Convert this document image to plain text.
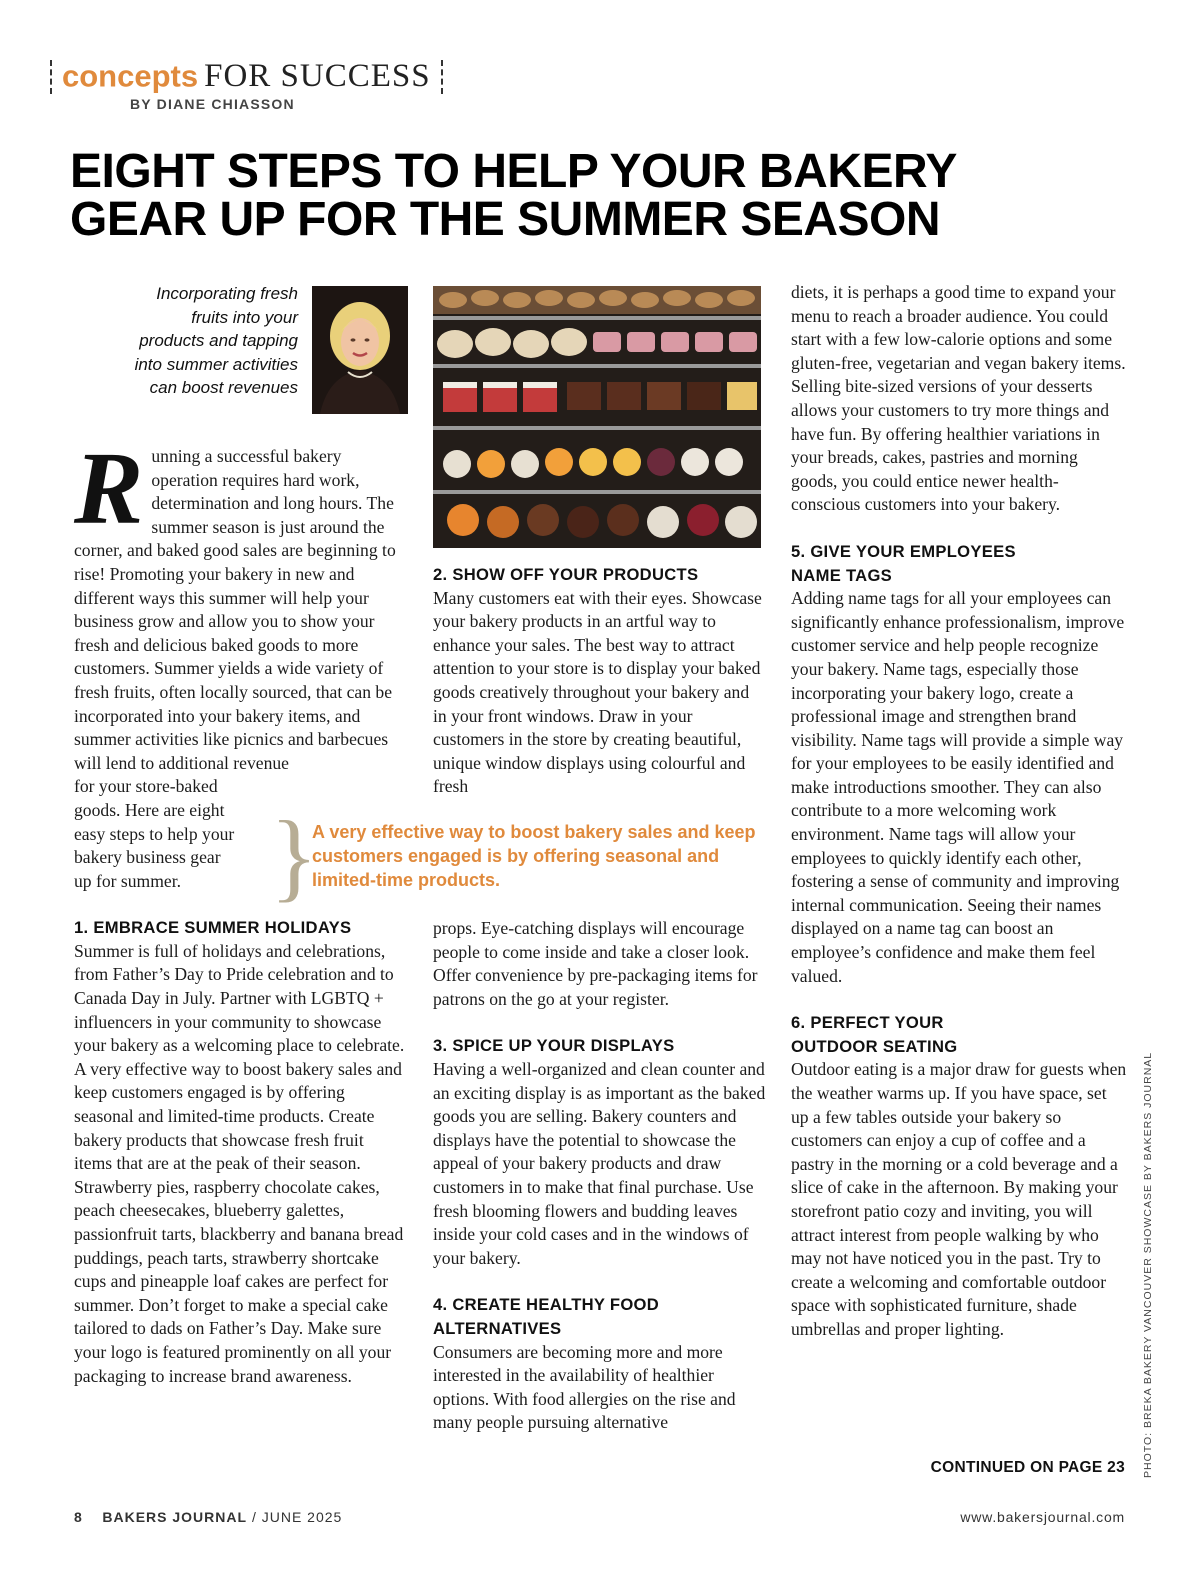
concepts FOR SUCCESS
BY DIANE CHIASSON
EIGHT STEPS TO HELP YOUR BAKERY
GEAR UP FOR THE SUMMER SEASON
Incorporating fresh
fruits into your
products and tapping
into summer activities
can boost revenues
Running a successful bakery operation requires hard work, determination and long hours. The summer season is just around the corner, and baked good sales are beginning to rise! Promoting your bakery in new and different ways this summer will help your business grow and allow you to show your fresh and delicious baked goods to more customers. Summer yields a wide variety of fresh fruits, often locally sourced, that can be incorporated into your bakery items, and summer activities like picnics and barbecues will lend to additional revenue
for your store-baked
goods. Here are eight
easy steps to help your
bakery business gear
up for summer.
1. EMBRACE SUMMER HOLIDAYS

Summer is full of holidays and celebrations, from Father’s Day to Pride celebration and to Canada Day in July. Partner with LGBTQ + influencers in your community to showcase your bakery as a welcoming place to celebrate. A very effective way to boost bakery sales and keep customers engaged is by offering seasonal and limited-time products. Create bakery products that showcase fresh fruit items that are at the peak of their season. Strawberry pies, raspberry chocolate cakes, peach cheesecakes, blueberry galettes, passionfruit tarts, blackberry and banana bread puddings, peach tarts, strawberry shortcake cups and pineapple loaf cakes are perfect for summer. Don’t forget to make a special cake tailored to dads on Father’s Day. Make sure your logo is featured prominently on all your packaging to increase brand awareness.

}
A very effective way to boost bakery sales and keep customers engaged is by offering seasonal and limited-time products.
2. SHOW OFF YOUR PRODUCTS

Many customers eat with their eyes. Showcase your bakery products in an artful way to enhance your sales. The best way to attract attention to your store is to display your baked goods creatively throughout your bakery and in your front windows. Draw in your customers in the store by creating beautiful, unique window displays using colourful and fresh

props. Eye-catching displays will encourage people to come inside and take a closer look. Offer convenience by pre-packaging items for patrons on the go at your register.

3. SPICE UP YOUR DISPLAYS

Having a well-organized and clean counter and an exciting display is as important as the baked goods you are selling. Bakery counters and displays have the potential to showcase the appeal of your bakery products and draw customers in to make that final purchase. Use fresh blooming flowers and budding leaves inside your cold cases and in the windows of your bakery.

4. CREATE HEALTHY FOOD
ALTERNATIVES

Consumers are becoming more and more interested in the availability of healthier options. With food allergies on the rise and many people pursuing alternative

diets, it is perhaps a good time to expand your menu to reach a broader audience. You could start with a few low-calorie options and some gluten-free, vegetarian and vegan bakery items. Selling bite-sized versions of your desserts allows your customers to try more things and have fun. By offering healthier variations in your breads, cakes, pastries and morning goods, you could entice newer health-conscious customers into your bakery.

5. GIVE YOUR EMPLOYEES
NAME TAGS

Adding name tags for all your employees can significantly enhance professionalism, improve customer service and help people recognize your bakery. Name tags, especially those incorporating your bakery logo, create a professional image and strengthen brand visibility. Name tags will provide a simple way for your employees to be easily identified and make introductions smoother. They can also contribute to a more welcoming work environment. Name tags will allow your employees to quickly identify each other, fostering a sense of community and improving internal communication. Seeing their names displayed on a name tag can boost an employee’s confidence and make them feel valued.

6. PERFECT YOUR
OUTDOOR SEATING

Outdoor eating is a major draw for guests when the weather warms up. If you have space, set up a few tables outside your bakery so customers can enjoy a cup of coffee and a pastry in the morning or a cold beverage and a slice of cake in the afternoon. By making your storefront patio cozy and inviting, you will attract interest from people walking by who may not have noticed you in the past. Try to create a welcoming and comfortable outdoor space with sophisticated furniture, shade umbrellas and proper lighting.

CONTINUED ON PAGE 23 PHOTO: BREKA BAKERY VANCOUVER SHOWCASE BY BAKERS JOURNAL
8 BAKERS JOURNAL / JUNE 2025	www.bakersjournal.com
